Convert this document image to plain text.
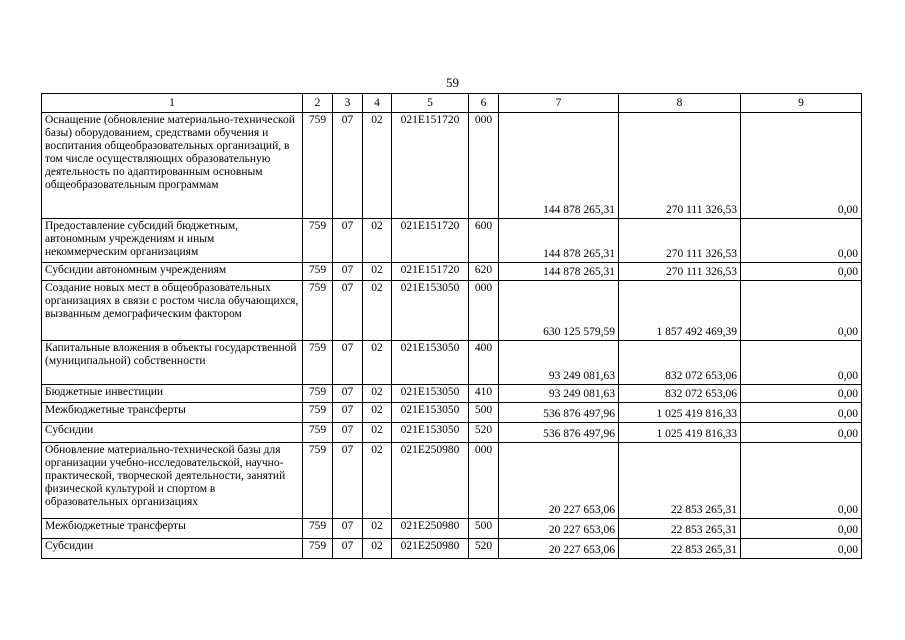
59
1	2	3	4	5	6	7	8	9
Оснащение (обновление материально-технической базы) оборудованием, средствами обучения и воспитания общеобразовательных организаций, в том числе осуществляющих образовательную деятельность по адаптированным основным общеобразовательным программам	759	07	02	021Е151720	000	144 878 265,31	270 111 326,53	0,00
Предоставление субсидий бюджетным, автономным учреждениям и иным некоммерческим организациям	759	07	02	021Е151720	600	144 878 265,31	270 111 326,53	0,00
Субсидии автономным учреждениям	759	07	02	021Е151720	620	144 878 265,31	270 111 326,53	0,00
Создание новых мест в общеобразовательных организациях в связи с ростом числа обучающихся, вызванным демографическим фактором	759	07	02	021Е153050	000	630 125 579,59	1 857 492 469,39	0,00
Капитальные вложения в объекты государственной (муниципальной) собственности	759	07	02	021Е153050	400	93 249 081,63	832 072 653,06	0,00
Бюджетные инвестиции	759	07	02	021Е153050	410	93 249 081,63	832 072 653,06	0,00
Межбюджетные трансферты	759	07	02	021Е153050	500	536 876 497,96	1 025 419 816,33	0,00
Субсидии	759	07	02	021Е153050	520	536 876 497,96	1 025 419 816,33	0,00
Обновление материально-технической базы для организации учебно-исследовательской, научно-практической, творческой деятельности, занятий физической культурой и спортом в образовательных организациях	759	07	02	021Е250980	000	20 227 653,06	22 853 265,31	0,00
Межбюджетные трансферты	759	07	02	021Е250980	500	20 227 653,06	22 853 265,31	0,00
Субсидии	759	07	02	021Е250980	520	20 227 653,06	22 853 265,31	0,00
